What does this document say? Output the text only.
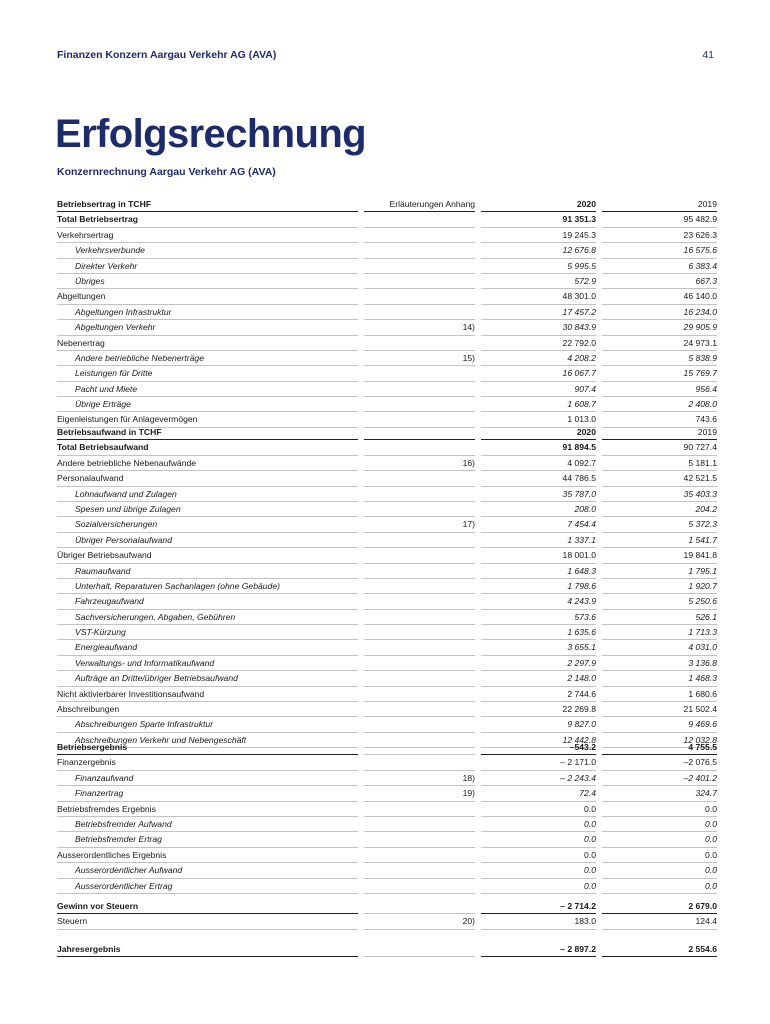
Finanzen Konzern Aargau Verkehr AG (AVA)	41
Erfolgsrechnung
Konzernrechnung Aargau Verkehr AG (AVA)
Betriebsertrag in TCHF		Erläuterungen Anhang		2020		2019
Total Betriebsertrag				91 351.3		95 482.9
Verkehrsertrag				19 245.3		23 626.3
Verkehrsverbunde				12 676.8		16 575.6
Direkter Verkehr				5 995.5		6 383.4
Übriges				572.9		667.3
Abgeltungen				48 301.0		46 140.0
Abgeltungen Infrastruktur				17 457.2		16 234.0
Abgeltungen Verkehr		14)		30 843.9		29 905.9
Nebenertrag				22 792.0		24 973.1
Andere betriebliche Nebenerträge		15)		4 208.2		5 838.9
Leistungen für Dritte				16 067.7		15 769.7
Pacht und Miete				907.4		956.4
Übrige Erträge				1 608.7		2 408.0
Eigenleistungen für Anlagevermögen				1 013.0		743.6
Betriebsaufwand in TCHF				2020		2019
Total Betriebsaufwand				91 894.5		90 727.4
Andere betriebliche Nebenaufwände		16)		4 092.7		5 181.1
Personalaufwand				44 786.5		42 521.5
Lohnaufwand und Zulagen				35 787.0		35 403.3
Spesen und übrige Zulagen				208.0		204.2
Sozialversicherungen		17)		7 454.4		5 372.3
Übriger Personalaufwand				1 337.1		1 541.7
Übriger Betriebsaufwand				18 001.0		19 841.8
Raumaufwand				1 648.3		1 795.1
Unterhalt, Reparaturen Sachanlagen (ohne Gebäude)				1 798.6		1 920.7
Fahrzeugaufwand				4 243.9		5 250.6
Sachversicherungen, Abgaben, Gebühren				573.6		526.1
VST-Kürzung				1 635.6		1 713.3
Energieaufwand				3 655.1		4 031.0
Verwaltungs- und Informatikaufwand				2 297.9		3 136.8
Aufträge an Dritte/übriger Betriebsaufwand				2 148.0		1 468.3
Nicht aktivierbarer Investitionsaufwand				2 744.6		1 680.6
Abschreibungen				22 269.8		21 502.4
Abschreibungen Sparte Infrastruktur				9 827.0		9 469.6
Abschreibungen Verkehr und Nebengeschäft				12 442.8		12 032.8
Betriebsergebnis				–543.2		4 755.5
Finanzergebnis				– 2 171.0		–2 076.5
Finanzaufwand		18)		– 2 243.4		–2 401.2
Finanzertrag		19)		72.4		324.7
Betriebsfremdes Ergebnis				0.0		0.0
Betriebsfremder Aufwand				0.0		0.0
Betriebsfremder Ertrag				0.0		0.0
Ausserordentliches Ergebnis				0.0		0.0
Ausserordentlicher Aufwand				0.0		0.0
Ausserordentlicher Ertrag				0.0		0.0
Gewinn vor Steuern				– 2 714.2		2 679.0
Steuern		20)		183.0		124.4
Jahresergebnis				– 2 897.2		2 554.6
